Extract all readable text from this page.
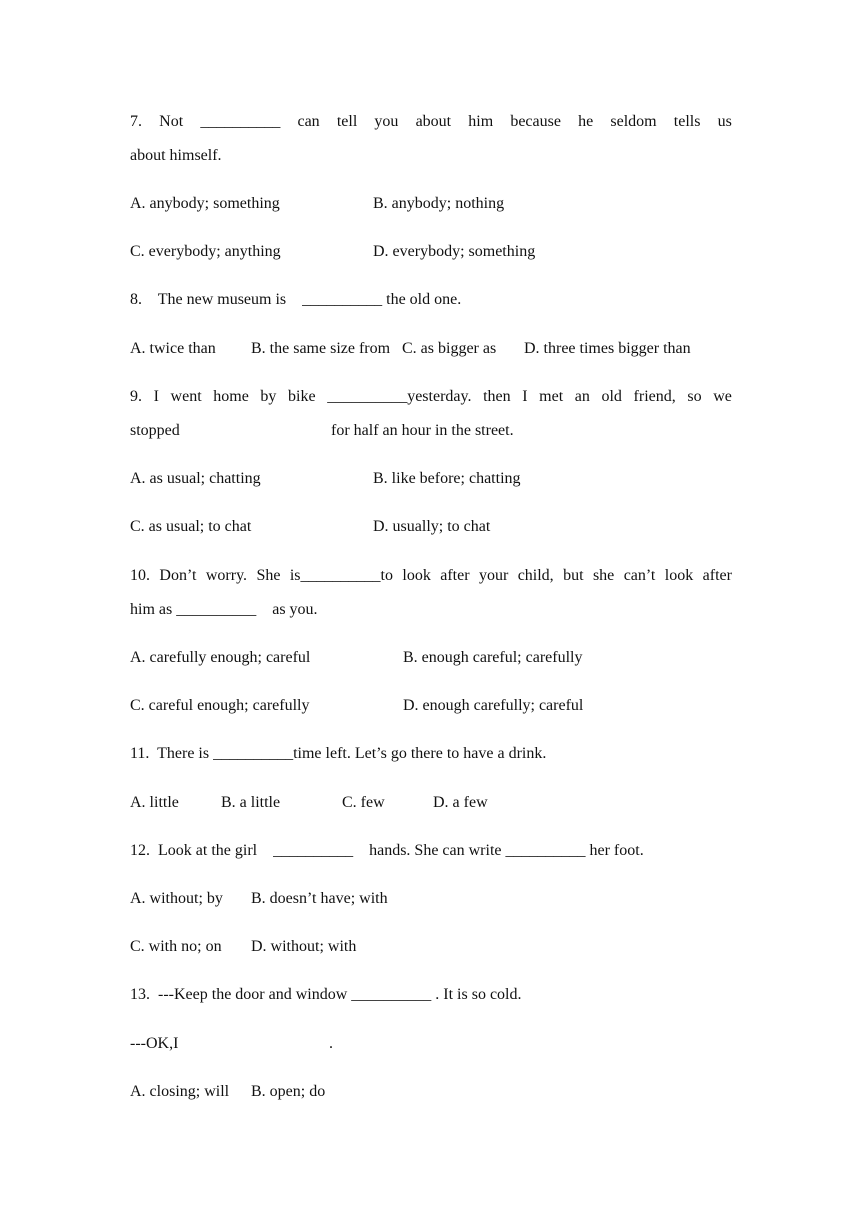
7. Not __________ can tell you about him because he seldom tells us
about himself.
A. anybody; something	B. anybody; nothing
C. everybody; anything	D. everybody; something
8.    The new museum is    __________ the old one.
A. twice than B. the same size from C. as bigger as D. three times bigger than
9. I went home by bike __________yesterday. then I met an old friend, so we
stopped	for half an hour in the street.
A. as usual; chatting	B. like before; chatting
C. as usual; to chat	D. usually; to chat
10. Don’t worry. She is__________to look after your child, but she can’t look after
him as __________    as you.
A. carefully enough; careful	B. enough careful; carefully
C. careful enough; carefully	D. enough carefully; careful
11.  There is __________time left. Let’s go there to have a drink.
A. little	B. a little	C. few	D. a few
12.  Look at the girl    __________    hands. She can write __________ her foot.
A. without; by B. doesn’t have; with
C. with no; on D. without; with
13.  ---Keep the door and window __________ . It is so cold.
---OK,I	.
A. closing; will B. open; do
